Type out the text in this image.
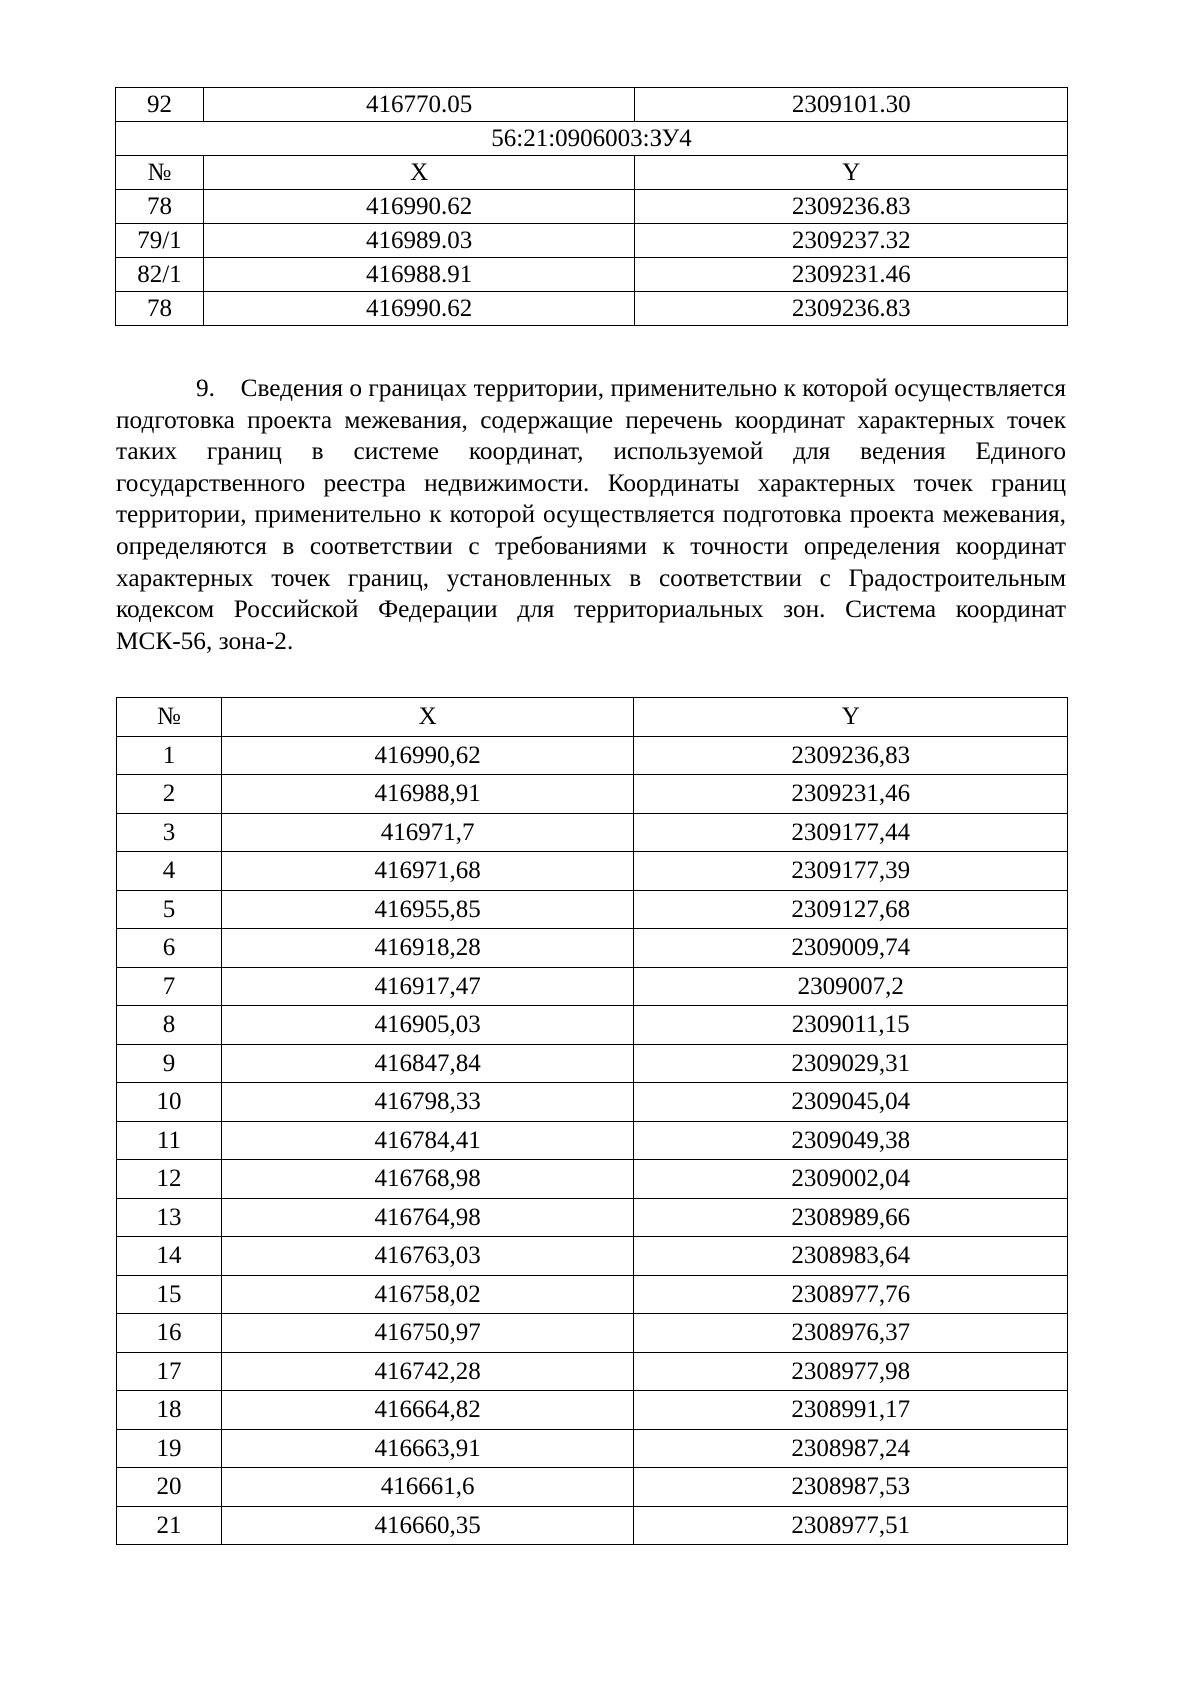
92	416770.05	2309101.30
56:21:0906003:ЗУ4		
№	X	Y
78	416990.62	2309236.83
79/1	416989.03	2309237.32
82/1	416988.91	2309231.46
78	416990.62	2309236.83

9.    Сведения о границах территории, применительно к которой осуществляется подготовка проекта межевания, содержащие перечень координат характерных точек таких границ в системе координат, используемой для ведения Единого государственного реестра недвижимости. Координаты характерных точек границ территории, применительно к которой осуществляется подготовка проекта межевания, определяются в соответствии с требованиями к точности определения координат характерных точек границ, установленных в соответствии с Градостроительным кодексом Российской Федерации для территориальных зон. Система координат МСК-56, зона-2.

№	X	Y
1	416990,62	2309236,83
2	416988,91	2309231,46
3	416971,7	2309177,44
4	416971,68	2309177,39
5	416955,85	2309127,68
6	416918,28	2309009,74
7	416917,47	2309007,2
8	416905,03	2309011,15
9	416847,84	2309029,31
10	416798,33	2309045,04
11	416784,41	2309049,38
12	416768,98	2309002,04
13	416764,98	2308989,66
14	416763,03	2308983,64
15	416758,02	2308977,76
16	416750,97	2308976,37
17	416742,28	2308977,98
18	416664,82	2308991,17
19	416663,91	2308987,24
20	416661,6	2308987,53
21	416660,35	2308977,51
